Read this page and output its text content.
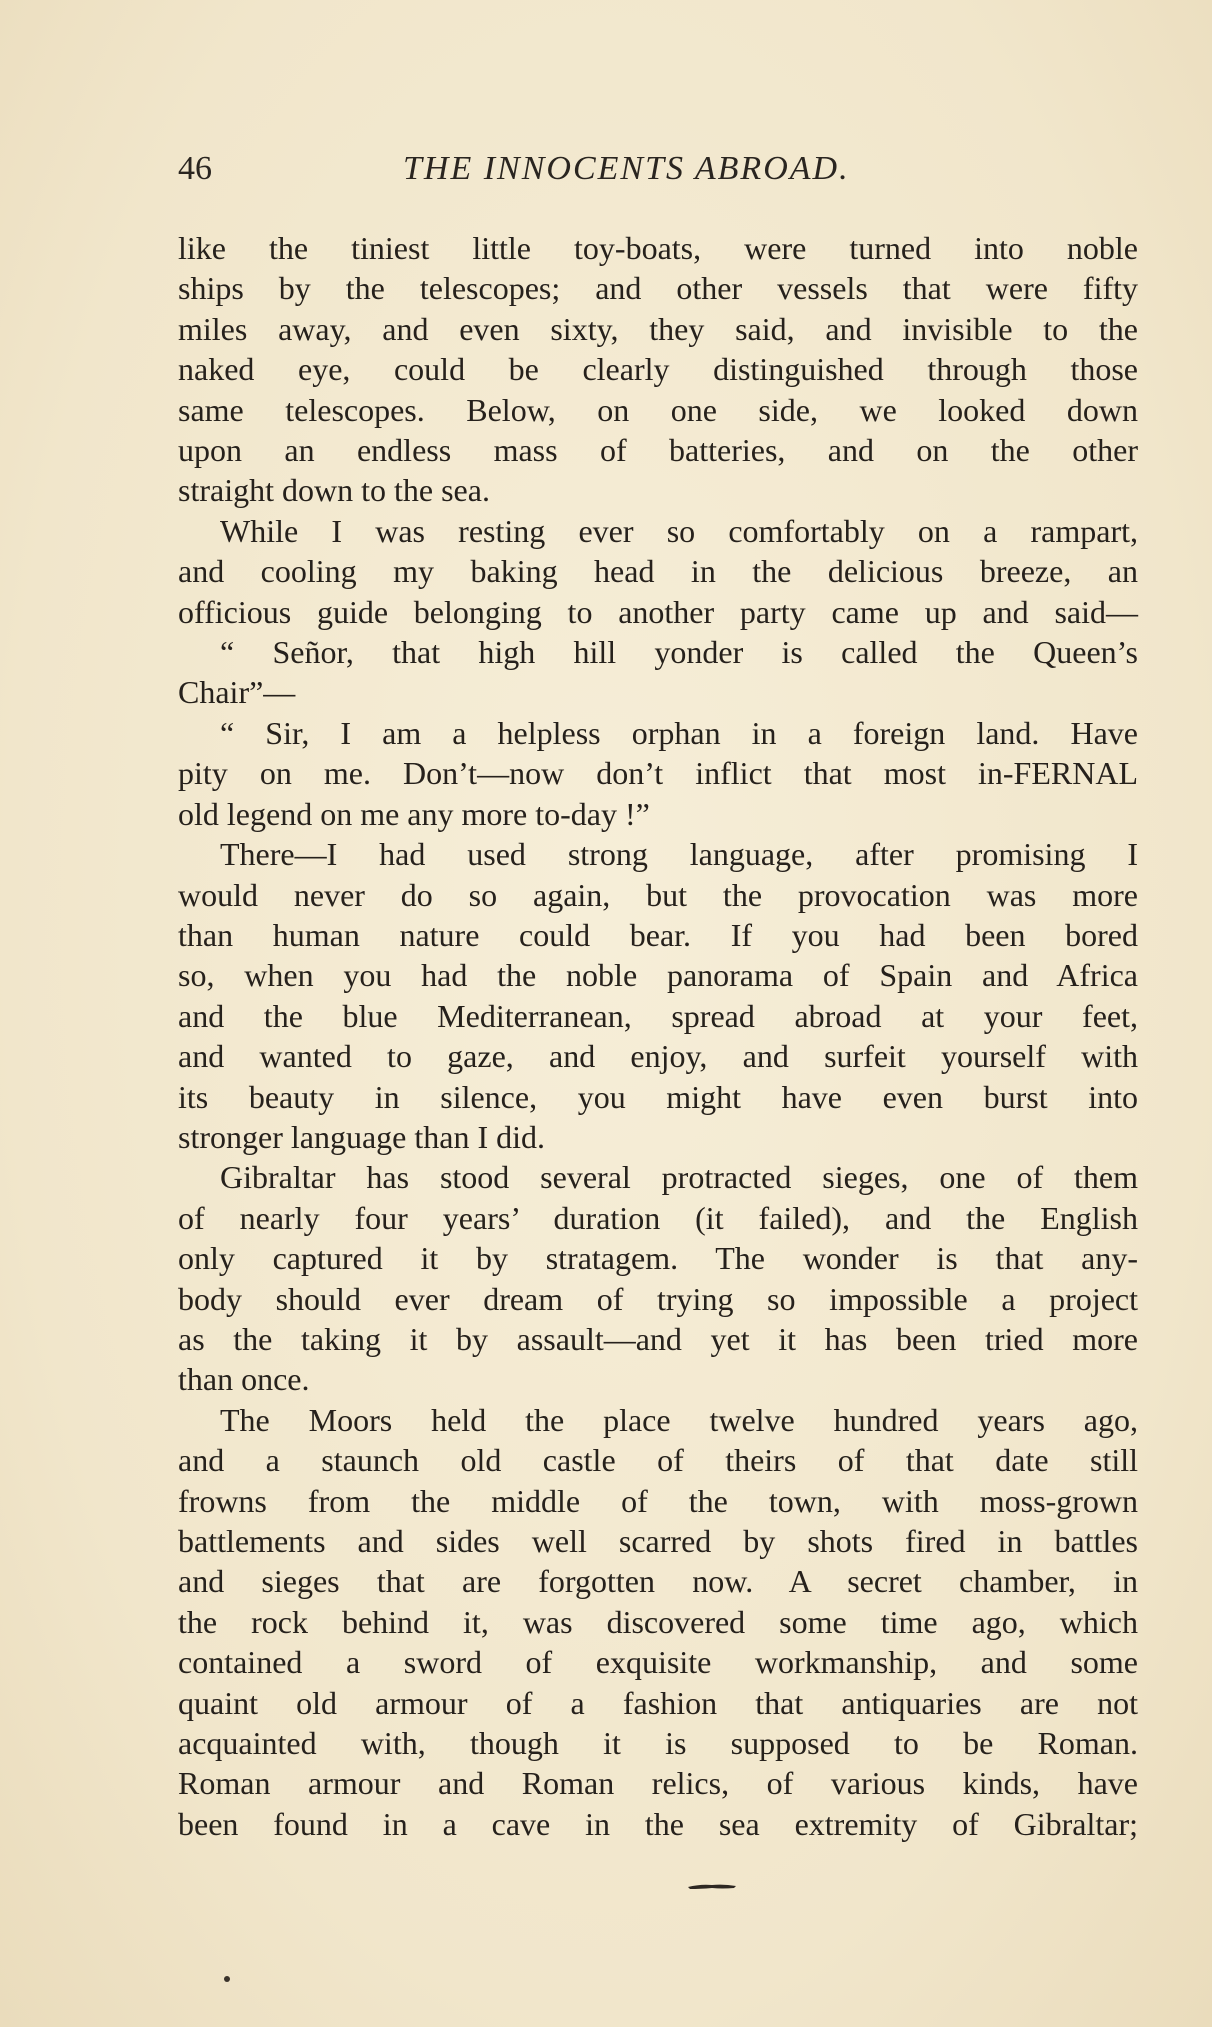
46	THE INNOCENTS ABROAD.
like the tiniest little toy-boats, were turned into noble
ships by the telescopes; and other vessels that were fifty
miles away, and even sixty, they said, and invisible to the
naked eye, could be clearly distinguished through those
same telescopes. Below, on one side, we looked down
upon an endless mass of batteries, and on the other
straight down to the sea.
While I was resting ever so comfortably on a rampart,
and cooling my baking head in the delicious breeze, an
officious guide belonging to another party came up and said—
“ Señor, that high hill yonder is called the Queen’s
Chair”—
“ Sir, I am a helpless orphan in a foreign land. Have
pity on me. Don’t—now don’t inflict that most in-FERNAL
old legend on me any more to-day !”
There—I had used strong language, after promising I
would never do so again, but the provocation was more
than human nature could bear. If you had been bored
so, when you had the noble panorama of Spain and Africa
and the blue Mediterranean, spread abroad at your feet,
and wanted to gaze, and enjoy, and surfeit yourself with
its beauty in silence, you might have even burst into
stronger language than I did.
Gibraltar has stood several protracted sieges, one of them
of nearly four years’ duration (it failed), and the English
only captured it by stratagem. The wonder is that any-
body should ever dream of trying so impossible a project
as the taking it by assault—and yet it has been tried more
than once.
The Moors held the place twelve hundred years ago,
and a staunch old castle of theirs of that date still
frowns from the middle of the town, with moss-grown
battlements and sides well scarred by shots fired in battles
and sieges that are forgotten now. A secret chamber, in
the rock behind it, was discovered some time ago, which
contained a sword of exquisite workmanship, and some
quaint old armour of a fashion that antiquaries are not
acquainted with, though it is supposed to be Roman.
Roman armour and Roman relics, of various kinds, have
been found in a cave in the sea extremity of Gibraltar;
